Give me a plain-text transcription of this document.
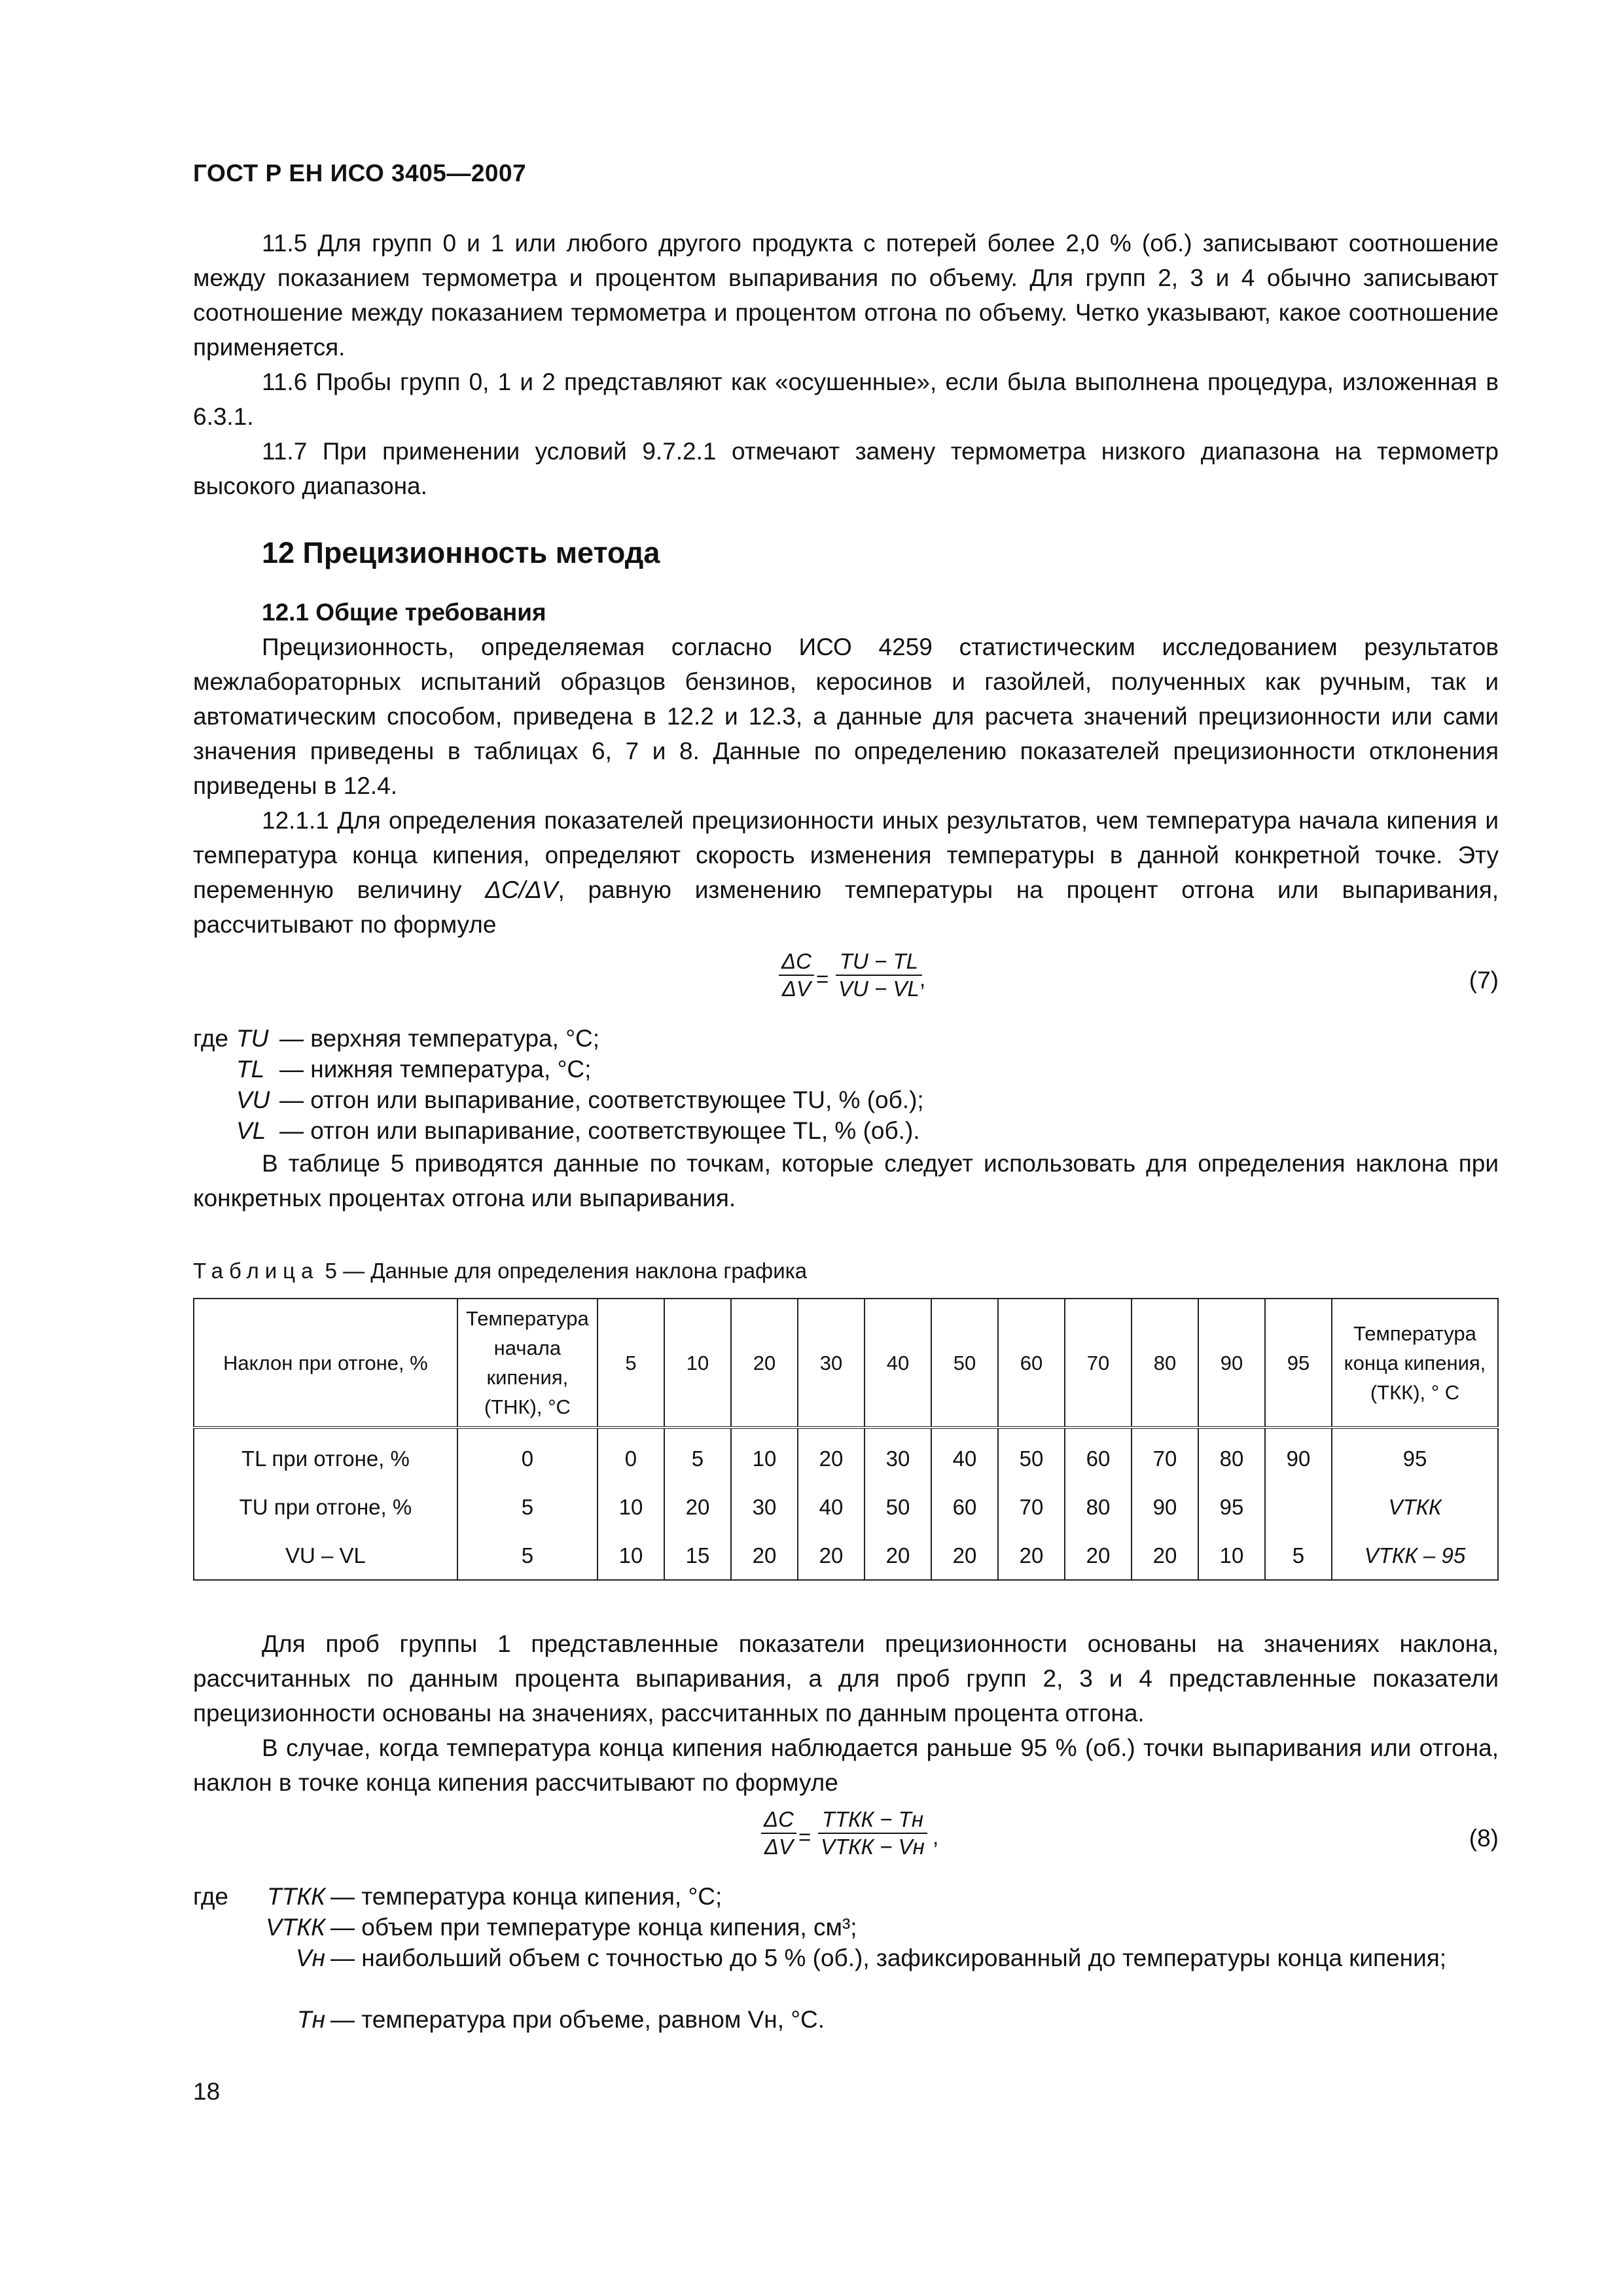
ГОСТ Р ЕН ИСО 3405—2007

11.5 Для групп 0 и 1 или любого другого продукта с потерей более 2,0 % (об.) записывают соотношение между показанием термометра и процентом выпаривания по объему. Для групп 2, 3 и 4 обычно записывают соотношение между показанием термометра и процентом отгона по объему. Четко указывают, какое соотношение применяется.

11.6 Пробы групп 0, 1 и 2 представляют как «осушенные», если была выполнена процедура, изложенная в 6.3.1.

11.7 При применении условий 9.7.2.1 отмечают замену термометра низкого диапазона на термометр высокого диапазона.

12 Прецизионность метода
12.1 Общие требования

Прецизионность, определяемая согласно ИСО 4259 статистическим исследованием результатов межлабораторных испытаний образцов бензинов, керосинов и газойлей, полученных как ручным, так и автоматическим способом, приведена в 12.2 и 12.3, а данные для расчета значений прецизионности или сами значения приведены в таблицах 6, 7 и 8. Данные по определению показателей прецизионности отклонения приведены в 12.4.

12.1.1 Для определения показателей прецизионности иных результатов, чем температура начала кипения и температура конца кипения, определяют скорость изменения температуры в данной конкретной точке. Эту переменную величину ΔC/ΔV, равную изменению температуры на процент отгона или выпаривания, рассчитывают по формуле

$\frac{\Delta C}{\Delta V} = \frac{TU - TL}{VU - VL}$
,	(7)
где TU — верхняя температура, °C;
TL — нижняя температура, °C;
VU — отгон или выпаривание, соответствующее TU, % (об.);
VL — отгон или выпаривание, соответствующее TL, % (об.).

В таблице 5 приводятся данные по точкам, которые следует использовать для определения наклона при конкретных процентах отгона или выпаривания.

Таблица 5 — Данные для определения наклона графика
Наклон при отгоне, %	Температура начала кипения, (ТНК), °С	5	10	20	30	40	50	60	70	80	90	95	Температура конца кипения, (ТКК), ° С
TL при отгоне, %	0	0	5	10	20	30	40	50	60	70	80	90	95
TU при отгоне, %	5	10	20	30	40	50	60	70	80	90	95		VТКК
VU – VL	5	10	15	20	20	20	20	20	20	20	10	5	VТКК – 95

Для проб группы 1 представленные показатели прецизионности основаны на значениях наклона, рассчитанных по данным процента выпаривания, а для проб групп 2, 3 и 4 представленные показатели прецизионности основаны на значениях, рассчитанных по данным процента отгона.

В случае, когда температура конца кипения наблюдается раньше 95 % (об.) точки выпаривания или отгона, наклон в точке конца кипения рассчитывают по формуле

$\frac{\Delta C}{\Delta V}$ =
TТКК − Tн
VТКК − Vн ,	(8)
где	TТКК — температура конца кипения, °C;
VТКК — объем при температуре конца кипения, см³;
Vн — наибольший объем с точностью до 5 % (об.), зафиксированный до температуры конца кипения;
Tн — температура при объеме, равном Vн, °C.
18
